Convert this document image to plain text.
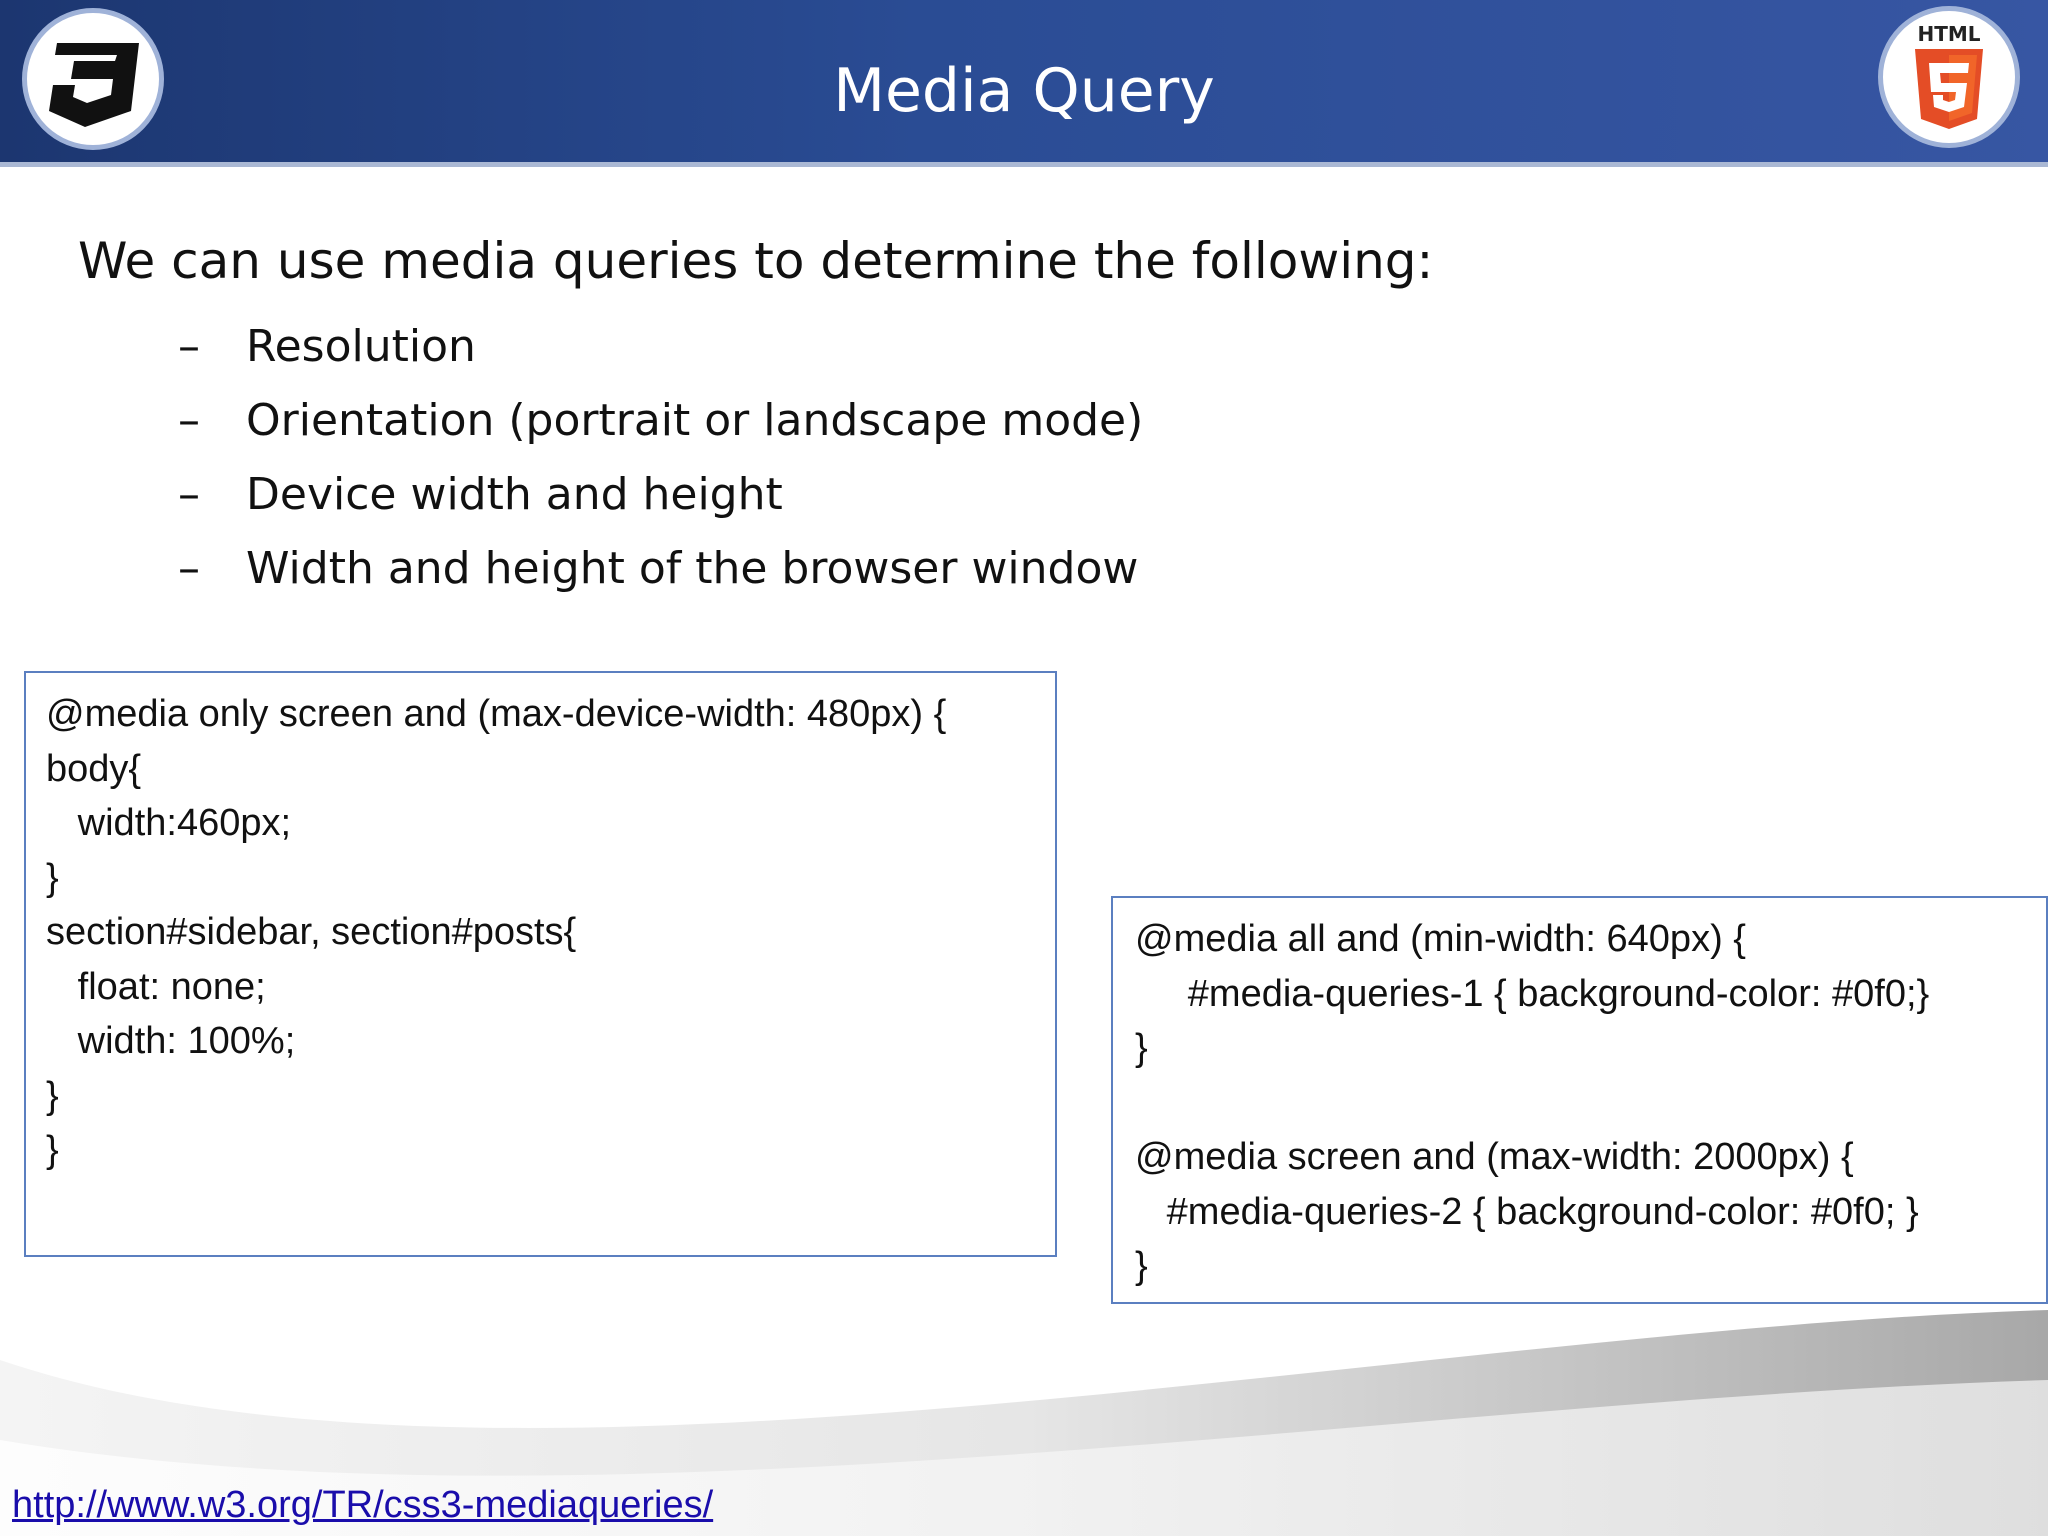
Media Query
HTML

We can use media queries to determine the following:

– Resolution
– Orientation (portrait or landscape mode)
– Device width and height
– Width and height of the browser window
@media only screen and (max-device-width: 480px) {
body{
width:460px;
}
section#sidebar, section#posts{
float: none;
width: 100%;
}
}
@media all and (min-width: 640px) {
#media-queries-1 { background-color: #0f0;}
}
@media screen and (max-width: 2000px) {
#media-queries-2 { background-color: #0f0; }
}
http://www.w3.org/TR/css3-mediaqueries/
